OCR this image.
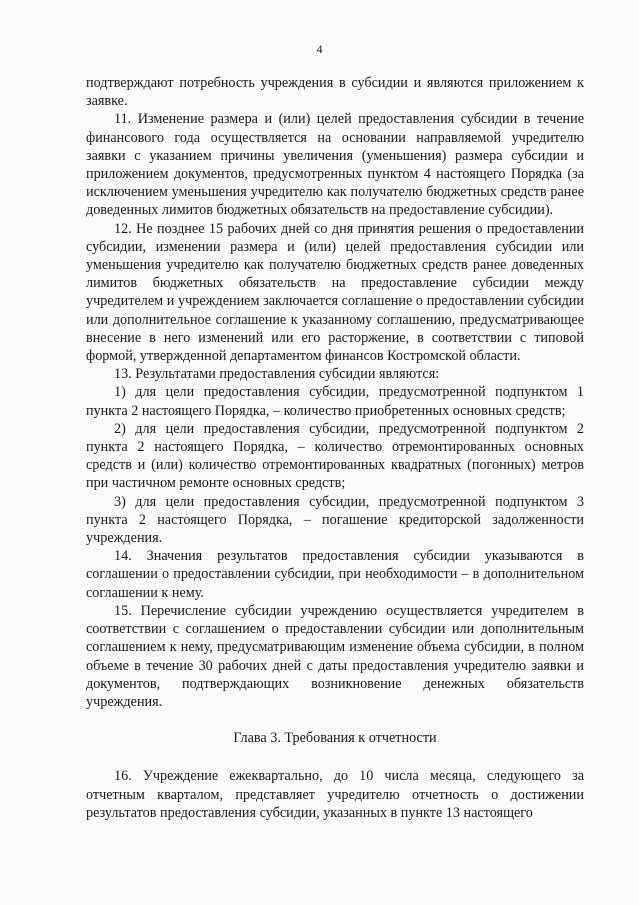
4

подтверждают потребность учреждения в субсидии и являются приложением к заявке.

11. Изменение размера и (или) целей предоставления субсидии в течение финансового года осуществляется на основании направляемой учредителю заявки с указанием причины увеличения (уменьшения) размера субсидии и приложением документов, предусмотренных пунктом 4 настоящего Порядка (за исключением уменьшения учредителю как получателю бюджетных средств ранее доведенных лимитов бюджетных обязательств на предоставление субсидии).

12. Не позднее 15 рабочих дней со дня принятия решения о предоставлении субсидии, изменении размера и (или) целей предоставления субсидии или уменьшения учредителю как получателю бюджетных средств ранее доведенных лимитов бюджетных обязательств на предоставление субсидии между учредителем и учреждением заключается соглашение о предоставлении субсидии или дополнительное соглашение к указанному соглашению, предусматривающее внесение в него изменений или его расторжение, в соответствии с типовой формой, утвержденной департаментом финансов Костромской области.

13. Результатами предоставления субсидии являются:

1) для цели предоставления субсидии, предусмотренной подпунктом 1 пункта 2 настоящего Порядка, – количество приобретенных основных средств;

2) для цели предоставления субсидии, предусмотренной подпунктом 2 пункта 2 настоящего Порядка, – количество отремонтированных основных средств и (или) количество отремонтированных квадратных (погонных) метров при частичном ремонте основных средств;

3) для цели предоставления субсидии, предусмотренной подпунктом 3 пункта 2 настоящего Порядка, – погашение кредиторской задолженности учреждения.

14. Значения результатов предоставления субсидии указываются в соглашении о предоставлении субсидии, при необходимости – в дополнительном соглашении к нему.

15. Перечисление субсидии учреждению осуществляется учредителем в соответствии с соглашением о предоставлении субсидии или дополнительным соглашением к нему, предусматривающим изменение объема субсидии, в полном объеме в течение 30 рабочих дней с даты предоставления учредителю заявки и документов, подтверждающих возникновение денежных обязательств учреждения.

Глава 3. Требования к отчетности

16. Учреждение ежеквартально, до 10 числа месяца, следующего за отчетным кварталом, представляет учредителю отчетность о достижении результатов предоставления субсидии, указанных в пункте 13 настоящего
